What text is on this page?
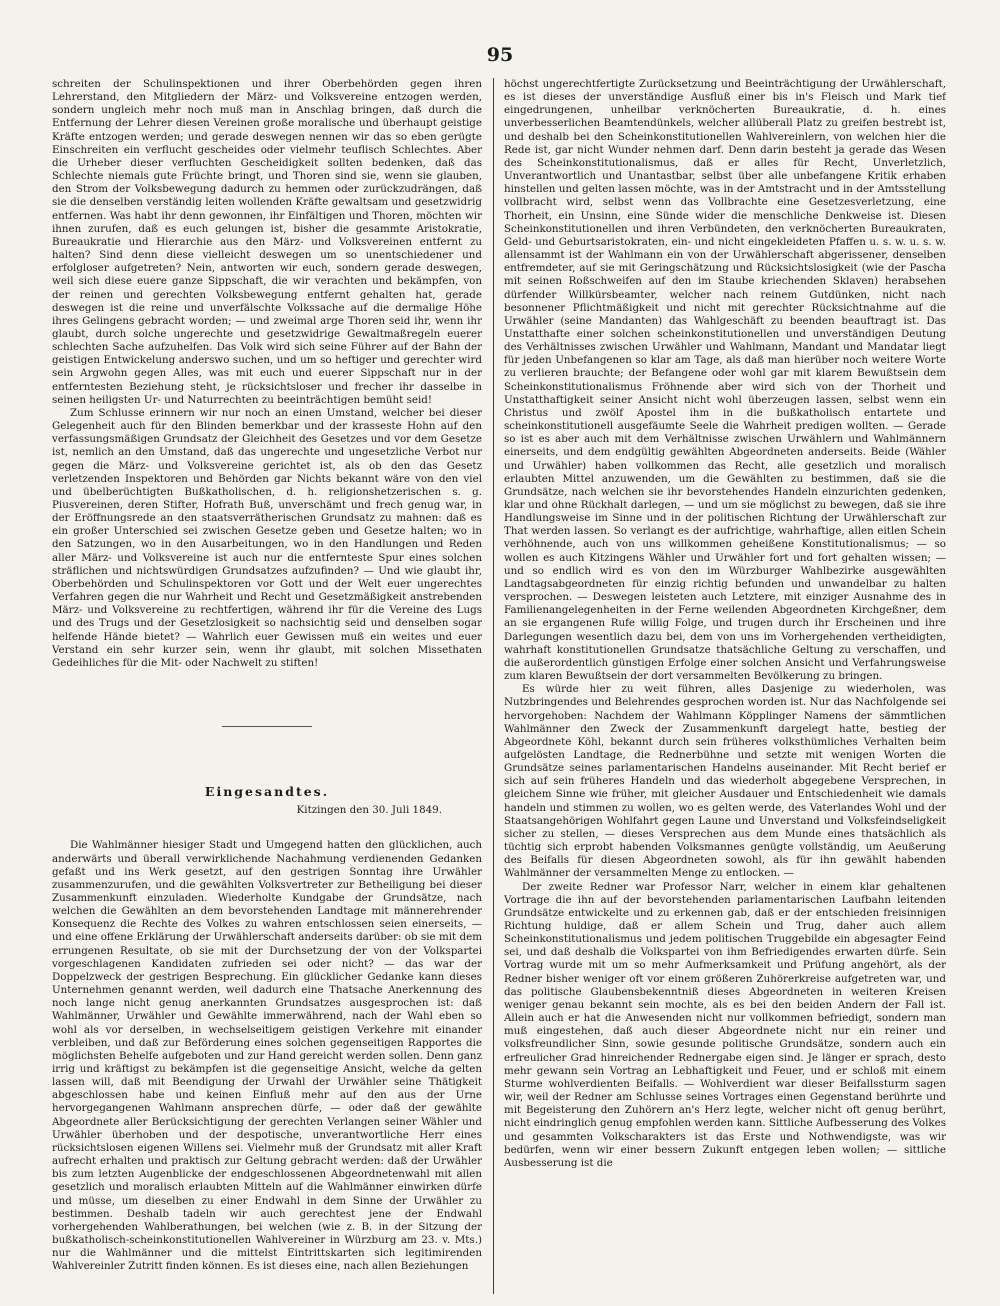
95

schreiten der Schulinspektionen und ihrer Oberbehörden gegen ihren Lehrerstand, den Mitgliedern der März- und Volksvereine entzogen werden, sondern ungleich mehr noch muß man in Anschlag bringen, daß durch die Entfernung der Lehrer diesen Vereinen große moralische und überhaupt geistige Kräfte entzogen werden; und gerade deswegen nennen wir das so eben gerügte Einschreiten ein verflucht gescheides oder vielmehr teuflisch Schlechtes. Aber die Urheber dieser verfluchten Gescheidigkeit sollten bedenken, daß das Schlechte niemals gute Früchte bringt, und Thoren sind sie, wenn sie glauben, den Strom der Volksbewegung dadurch zu hemmen oder zurückzudrängen, daß sie die denselben verständig leiten wollenden Kräfte gewaltsam und gesetzwidrig entfernen. Was habt ihr denn gewonnen, ihr Einfältigen und Thoren, möchten wir ihnen zurufen, daß es euch gelungen ist, bisher die gesammte Aristokratie, Bureaukratie und Hierarchie aus den März- und Volksvereinen entfernt zu halten? Sind denn diese vielleicht deswegen um so unentschiedener und erfolgloser aufgetreten? Nein, antworten wir euch, sondern gerade deswegen, weil sich diese euere ganze Sippschaft, die wir verachten und bekämpfen, von der reinen und gerechten Volksbewegung entfernt gehalten hat, gerade deswegen ist die reine und unverfälschte Volkssache auf die dermalige Höhe ihres Gelingens gebracht worden; — und zweimal arge Thoren seid ihr, wenn ihr glaubt, durch solche ungerechte und gesetzwidrige Gewaltmaßregeln euerer schlechten Sache aufzuhelfen. Das Volk wird sich seine Führer auf der Bahn der geistigen Entwickelung anderswo suchen, und um so heftiger und gerechter wird sein Argwohn gegen Alles, was mit euch und euerer Sippschaft nur in der entferntesten Beziehung steht, je rücksichtsloser und frecher ihr dasselbe in seinen heiligsten Ur- und Naturrechten zu beeinträchtigen bemüht seid!

Zum Schlusse erinnern wir nur noch an einen Umstand, welcher bei dieser Gelegenheit auch für den Blinden bemerkbar und der krasseste Hohn auf den verfassungsmäßigen Grundsatz der Gleichheit des Gesetzes und vor dem Gesetze ist, nemlich an den Umstand, daß das ungerechte und ungesetzliche Verbot nur gegen die März- und Volksvereine gerichtet ist, als ob den das Gesetz verletzenden Inspektoren und Behörden gar Nichts bekannt wäre von den viel und übelberüchtigten Bußkatholischen, d. h. religionshetzerischen s. g. Piusvereinen, deren Stifter, Hofrath Buß, unverschämt und frech genug war, in der Eröffnungsrede an den staatsverrätherischen Grundsatz zu mahnen: daß es ein großer Unterschied sei zwischen Gesetze geben und Gesetze halten; wo in den Satzungen, wo in den Ausarbeitungen, wo in den Handlungen und Reden aller März- und Volksvereine ist auch nur die entfernteste Spur eines solchen sträflichen und nichtswürdigen Grundsatzes aufzufinden? — Und wie glaubt ihr, Oberbehörden und Schulinspektoren vor Gott und der Welt euer ungerechtes Verfahren gegen die nur Wahrheit und Recht und Gesetzmäßigkeit anstrebenden März- und Volksvereine zu rechtfertigen, während ihr für die Vereine des Lugs und des Trugs und der Gesetzlosigkeit so nachsichtig seid und denselben sogar helfende Hände bietet? — Wahrlich euer Gewissen muß ein weites und euer Verstand ein sehr kurzer sein, wenn ihr glaubt, mit solchen Missethaten Gedeihliches für die Mit- oder Nachwelt zu stiften!

Eingesandtes.
Kitzingen den 30. Juli 1849.

Die Wahlmänner hiesiger Stadt und Umgegend hatten den glücklichen, auch anderwärts und überall verwirklichende Nachahmung verdienenden Gedanken gefaßt und ins Werk gesetzt, auf den gestrigen Sonntag ihre Urwähler zusammenzurufen, und die gewählten Volksvertreter zur Betheiligung bei dieser Zusammenkunft einzuladen. Wiederholte Kundgabe der Grundsätze, nach welchen die Gewählten an dem bevorstehenden Landtage mit männerehrender Konsequenz die Rechte des Volkes zu wahren entschlossen seien einerseits, — und eine offene Erklärung der Urwählerschaft anderseits darüber: ob sie mit dem errungenen Resultate, ob sie mit der Durchsetzung der von der Volkspartei vorgeschlagenen Kandidaten zufrieden sei oder nicht? — das war der Doppelzweck der gestrigen Besprechung. Ein glücklicher Gedanke kann dieses Unternehmen genannt werden, weil dadurch eine Thatsache Anerkennung des noch lange nicht genug anerkannten Grundsatzes ausgesprochen ist: daß Wahlmänner, Urwähler und Gewählte immerwährend, nach der Wahl eben so wohl als vor derselben, in wechselseitigem geistigen Verkehre mit einander verbleiben, und daß zur Beförderung eines solchen gegenseitigen Rapportes die möglichsten Behelfe aufgeboten und zur Hand gereicht werden sollen. Denn ganz irrig und kräftigst zu bekämpfen ist die gegenseitige Ansicht, welche da gelten lassen will, daß mit Beendigung der Urwahl der Urwähler seine Thätigkeit abgeschlossen habe und keinen Einfluß mehr auf den aus der Urne hervorgegangenen Wahlmann ansprechen dürfe, — oder daß der gewählte Abgeordnete aller Berücksichtigung der gerechten Verlangen seiner Wähler und Urwähler überhoben und der despotische, unverantwortliche Herr eines rücksichtslosen eigenen Willens sei. Vielmehr muß der Grundsatz mit aller Kraft aufrecht erhalten und praktisch zur Geltung gebracht werden: daß der Urwähler bis zum letzten Augenblicke der endgeschlossenen Abgeordnetenwahl mit allen gesetzlich und moralisch erlaubten Mitteln auf die Wahlmänner einwirken dürfe und müsse, um dieselben zu einer Endwahl in dem Sinne der Urwähler zu bestimmen. Deshalb tadeln wir auch gerechtest jene der Endwahl vorhergehenden Wahlberathungen, bei welchen (wie z. B. in der Sitzung der bußkatholisch-scheinkonstitutionellen Wahlvereiner in Würzburg am 23. v. Mts.) nur die Wahlmänner und die mittelst Eintrittskarten sich legitimirenden Wahlvereinler Zutritt finden können. Es ist dieses eine, nach allen Beziehungen

höchst ungerechtfertigte Zurücksetzung und Beeinträchtigung der Urwählerschaft, es ist dieses der unverständige Ausfluß einer bis in's Fleisch und Mark tief eingedrungenen, unheilbar verknöcherten Bureaukratie, d. h. eines unverbesserlichen Beamtendünkels, welcher allüberall Platz zu greifen bestrebt ist, und deshalb bei den Scheinkonstitutionellen Wahlvereinlern, von welchen hier die Rede ist, gar nicht Wunder nehmen darf. Denn darin besteht ja gerade das Wesen des Scheinkonstitutionalismus, daß er alles für Recht, Unverletzlich, Unverantwortlich und Unantastbar, selbst über alle unbefangene Kritik erhaben hinstellen und gelten lassen möchte, was in der Amtstracht und in der Amtsstellung vollbracht wird, selbst wenn das Vollbrachte eine Gesetzesverletzung, eine Thorheit, ein Unsinn, eine Sünde wider die menschliche Denkweise ist. Diesen Scheinkonstitutionellen und ihren Verbündeten, den verknöcherten Bureaukraten, Geld- und Geburtsaristokraten, ein- und nicht eingekleideten Pfaffen u. s. w. u. s. w. allensammt ist der Wahlmann ein von der Urwählerschaft abgerissener, denselben entfremdeter, auf sie mit Geringschätzung und Rücksichtslosigkeit (wie der Pascha mit seinen Roßschweifen auf den im Staube kriechenden Sklaven) herabsehen dürfender Willkürsbeamter, welcher nach reinem Gutdünken, nicht nach besonnener Pflichtmäßigkeit und nicht mit gerechter Rücksichtnahme auf die Urwähler (seine Mandanten) das Wahlgeschäft zu beenden beauftragt ist. Das Unstatthafte einer solchen scheinkonstitutionellen und unverständigen Deutung des Verhältnisses zwischen Urwähler und Wahlmann, Mandant und Mandatar liegt für jeden Unbefangenen so klar am Tage, als daß man hierüber noch weitere Worte zu verlieren brauchte; der Befangene oder wohl gar mit klarem Bewußtsein dem Scheinkonstitutionalismus Fröhnende aber wird sich von der Thorheit und Unstatthaftigkeit seiner Ansicht nicht wohl überzeugen lassen, selbst wenn ein Christus und zwölf Apostel ihm in die bußkatholisch entartete und scheinkonstitutionell ausgefäumte Seele die Wahrheit predigen wollten. — Gerade so ist es aber auch mit dem Verhältnisse zwischen Urwählern und Wahlmännern einerseits, und dem endgültig gewählten Abgeordneten anderseits. Beide (Wähler und Urwähler) haben vollkommen das Recht, alle gesetzlich und moralisch erlaubten Mittel anzuwenden, um die Gewählten zu bestimmen, daß sie die Grundsätze, nach welchen sie ihr bevorstehendes Handeln einzurichten gedenken, klar und ohne Rückhalt darlegen, — und um sie möglichst zu bewegen, daß sie ihre Handlungsweise im Sinne und in der politischen Richtung der Urwählerschaft zur That werden lassen. So verlangt es der aufrichtige, wahrhaftige, allen eitlen Schein verhöhnende, auch von uns willkommen geheißene Konstitutionalismus; — so wollen es auch Kitzingens Wähler und Urwähler fort und fort gehalten wissen; — und so endlich wird es von den im Würzburger Wahlbezirke ausgewählten Landtagsabgeordneten für einzig richtig befunden und unwandelbar zu halten versprochen. — Deswegen leisteten auch Letztere, mit einziger Ausnahme des in Familienangelegenheiten in der Ferne weilenden Abgeordneten Kirchgeßner, dem an sie ergangenen Rufe willig Folge, und trugen durch ihr Erscheinen und ihre Darlegungen wesentlich dazu bei, dem von uns im Vorhergehenden vertheidigten, wahrhaft konstitutionellen Grundsatze thatsächliche Geltung zu verschaffen, und die außerordentlich günstigen Erfolge einer solchen Ansicht und Verfahrungsweise zum klaren Bewußtsein der dort versammelten Bevölkerung zu bringen.

Es würde hier zu weit führen, alles Dasjenige zu wiederholen, was Nutzbringendes und Belehrendes gesprochen worden ist. Nur das Nachfolgende sei hervorgehoben: Nachdem der Wahlmann Köpplinger Namens der sämmtlichen Wahlmänner den Zweck der Zusammenkunft dargelegt hatte, bestieg der Abgeordnete Köhl, bekannt durch sein früheres volksthümliches Verhalten beim aufgelösten Landtage, die Rednerbühne und setzte mit wenigen Worten die Grundsätze seines parlamentarischen Handelns auseinander. Mit Recht berief er sich auf sein früheres Handeln und das wiederholt abgegebene Versprechen, in gleichem Sinne wie früher, mit gleicher Ausdauer und Entschiedenheit wie damals handeln und stimmen zu wollen, wo es gelten werde, des Vaterlandes Wohl und der Staatsangehörigen Wohlfahrt gegen Laune und Unverstand und Volksfeindseligkeit sicher zu stellen, — dieses Versprechen aus dem Munde eines thatsächlich als tüchtig sich erprobt habenden Volksmannes genügte vollständig, um Aeußerung des Beifalls für diesen Abgeordneten sowohl, als für ihn gewählt habenden Wahlmänner der versammelten Menge zu entlocken. —

Der zweite Redner war Professor Narr, welcher in einem klar gehaltenen Vortrage die ihn auf der bevorstehenden parlamentarischen Laufbahn leitenden Grundsätze entwickelte und zu erkennen gab, daß er der entschieden freisinnigen Richtung huldige, daß er allem Schein und Trug, daher auch allem Scheinkonstitutionalismus und jedem politischen Truggebilde ein abgesagter Feind sei, und daß deshalb die Volkspartei von ihm Befriedigendes erwarten dürfe. Sein Vortrag wurde mit um so mehr Aufmerksamkeit und Prüfung angehört, als der Redner bisher weniger oft vor einem größeren Zuhörerkreise aufgetreten war, und das politische Glaubensbekenntniß dieses Abgeordneten in weiteren Kreisen weniger genau bekannt sein mochte, als es bei den beiden Andern der Fall ist. Allein auch er hat die Anwesenden nicht nur vollkommen befriedigt, sondern man muß eingestehen, daß auch dieser Abgeordnete nicht nur ein reiner und volksfreundlicher Sinn, sowie gesunde politische Grundsätze, sondern auch ein erfreulicher Grad hinreichender Rednergabe eigen sind. Je länger er sprach, desto mehr gewann sein Vortrag an Lebhaftigkeit und Feuer, und er schloß mit einem Sturme wohlverdienten Beifalls. — Wohlverdient war dieser Beifallssturm sagen wir, weil der Redner am Schlusse seines Vortrages einen Gegenstand berührte und mit Begeisterung den Zuhörern an's Herz legte, welcher nicht oft genug berührt, nicht eindringlich genug empfohlen werden kann. Sittliche Aufbesserung des Volkes und gesammten Volkscharakters ist das Erste und Nothwendigste, was wir bedürfen, wenn wir einer bessern Zukunft entgegen leben wollen; — sittliche Ausbesserung ist die
